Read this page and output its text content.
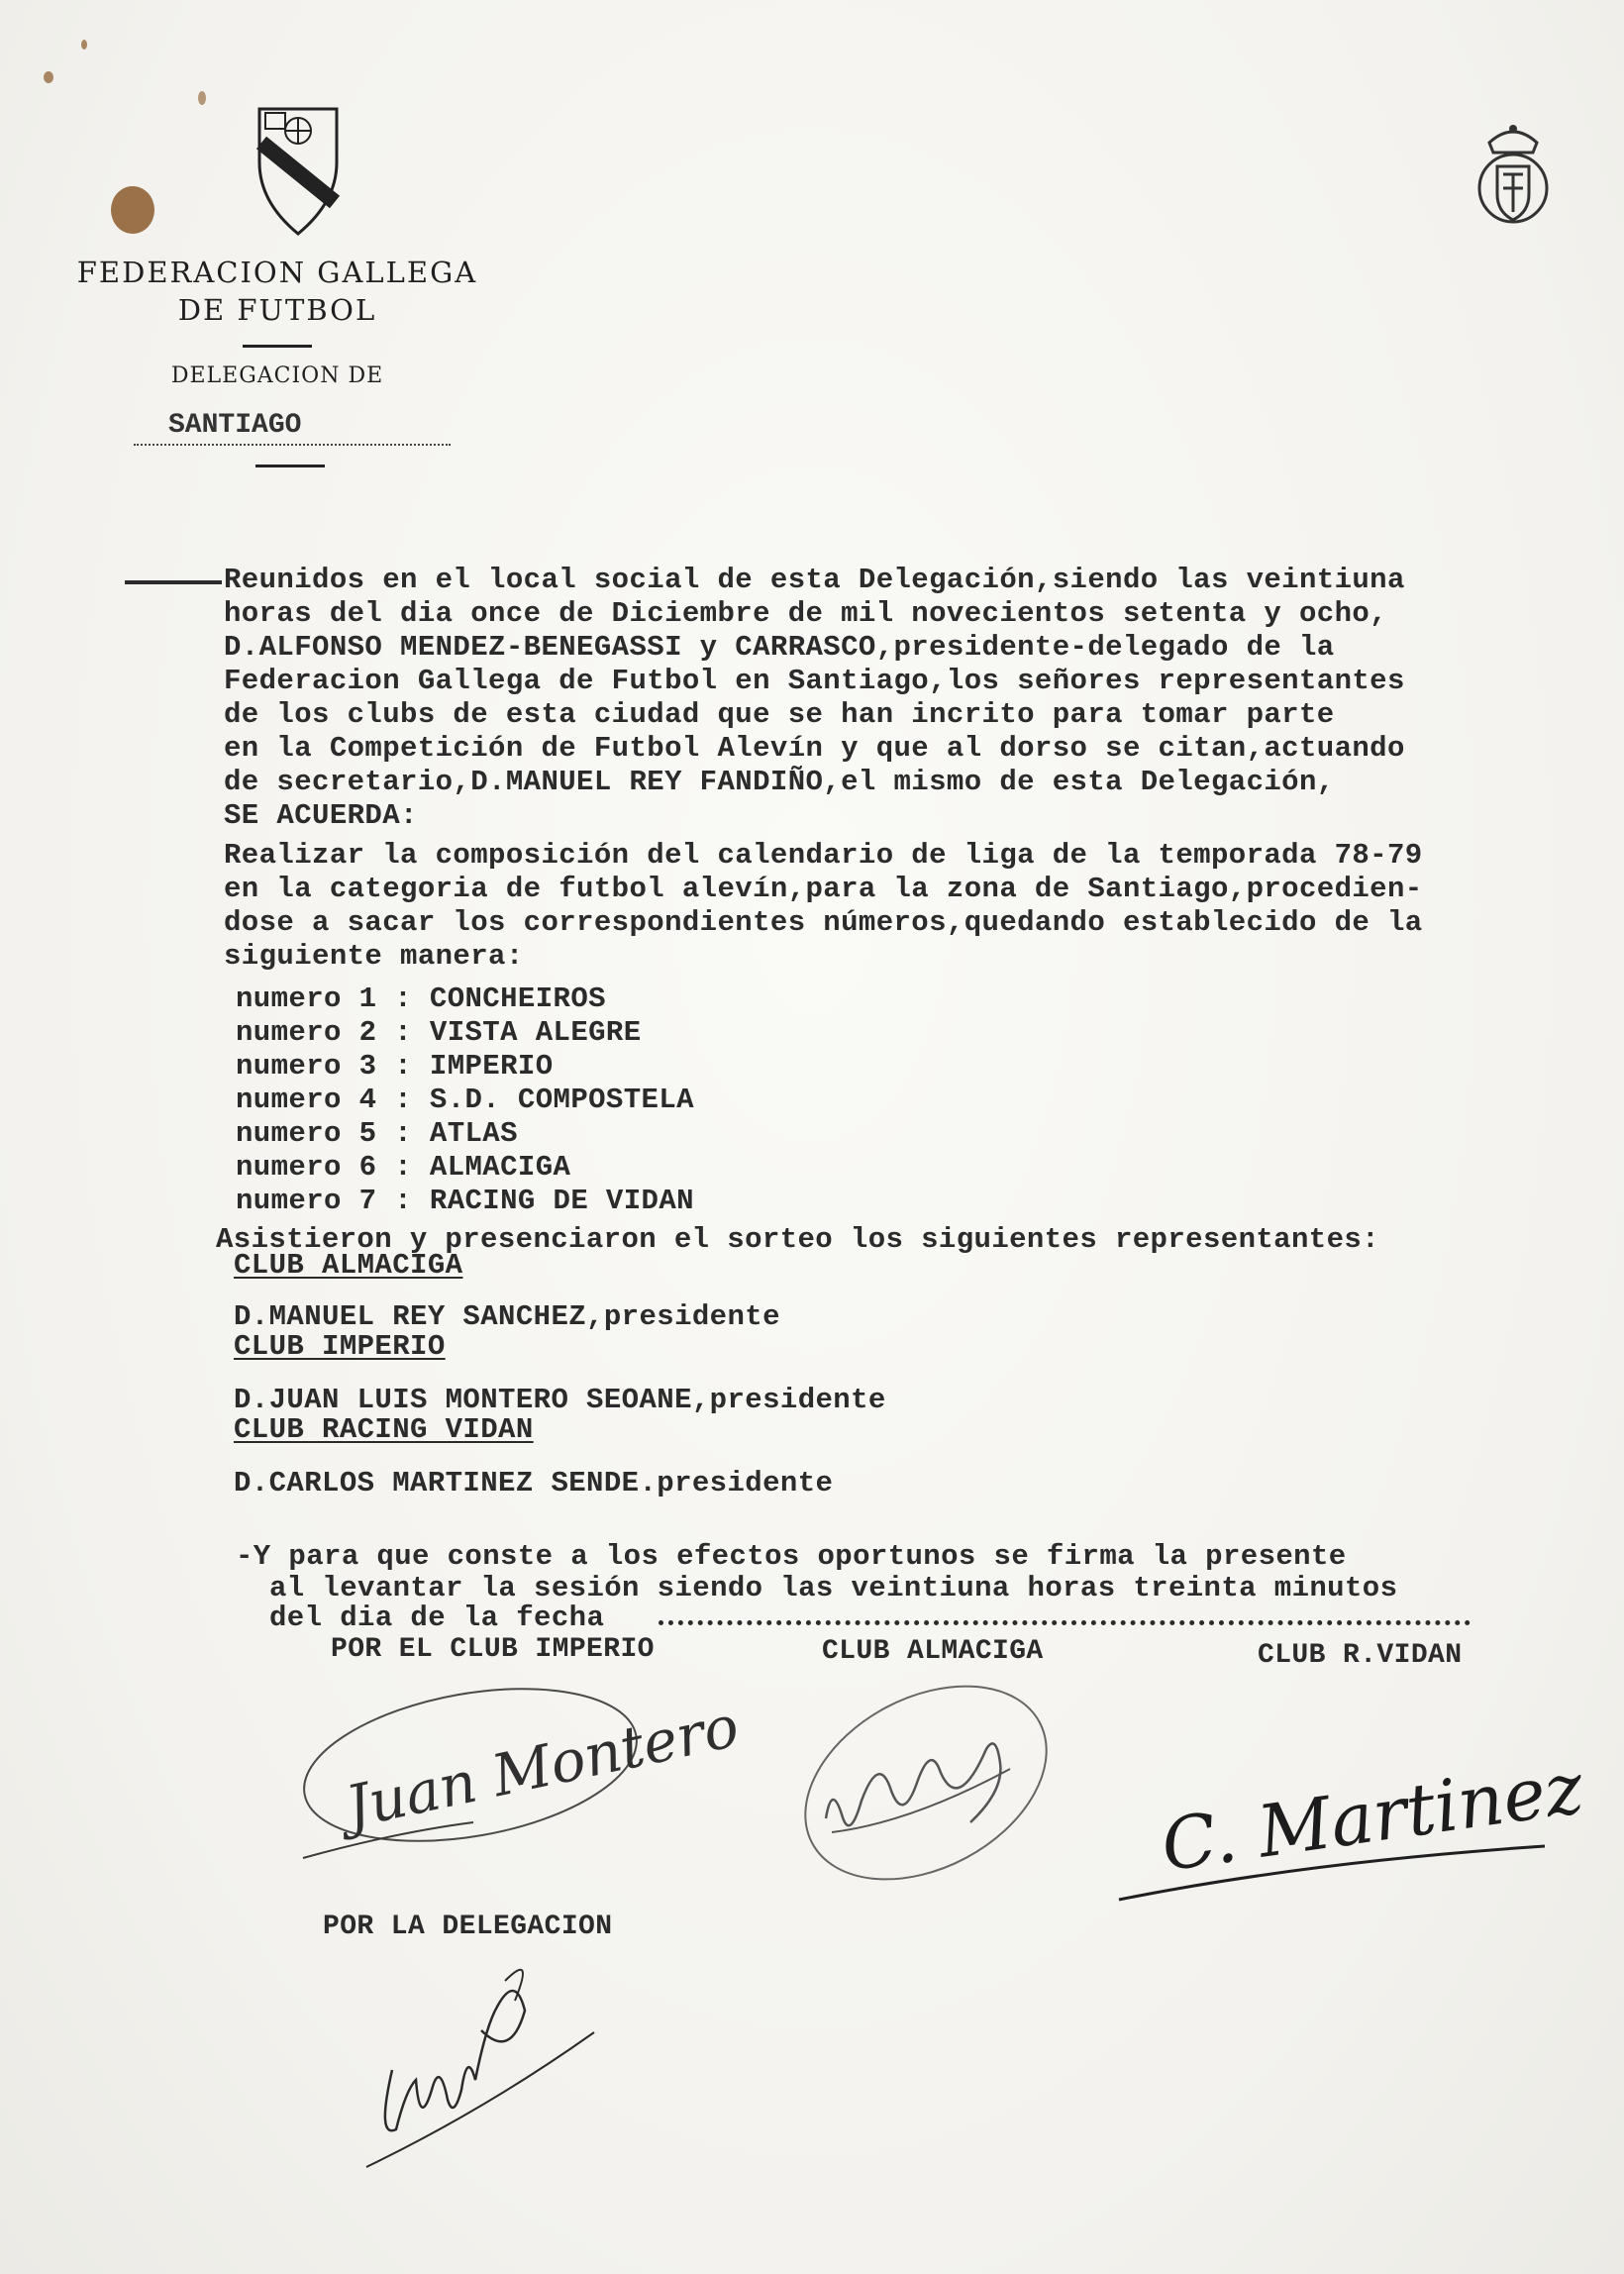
FEDERACION GALLEGA
DE FUTBOL
DELEGACION DE
SANTIAGO
Reunidos en el local social de esta Delegación,siendo las veintiuna
horas del dia once de Diciembre de mil novecientos setenta y ocho,
D.ALFONSO MENDEZ-BENEGASSI y CARRASCO,presidente-delegado de la
Federacion Gallega de Futbol en Santiago,los señores representantes
de los clubs de esta ciudad que se han incrito para tomar parte
en la Competición de Futbol Alevín y que al dorso se citan,actuando
de secretario,D.MANUEL REY FANDIÑO,el mismo de esta Delegación,
SE ACUERDA:
Realizar la composición del calendario de liga de la temporada 78-79
en la categoria de futbol alevín,para la zona de Santiago,procedien-
dose a sacar los correspondientes números,quedando establecido de la
siguiente manera:
numero 1 : CONCHEIROS
numero 2 : VISTA ALEGRE
numero 3 : IMPERIO
numero 4 : S.D. COMPOSTELA
numero 5 : ATLAS
numero 6 : ALMACIGA
numero 7 : RACING DE VIDAN
Asistieron y presenciaron el sorteo los siguientes representantes:
CLUB ALMACIGA
D.MANUEL REY SANCHEZ,presidente
CLUB IMPERIO
D.JUAN LUIS MONTERO SEOANE,presidente
CLUB RACING VIDAN
D.CARLOS MARTINEZ SENDE.presidente
-Y para que conste a los efectos oportunos se firma la presente
al levantar la sesión siendo las veintiuna horas treinta minutos
del dia de la fecha
POR EL CLUB IMPERIO	CLUB ALMACIGA	CLUB R.VIDAN
POR LA DELEGACION
Juan Montero	C. Martinez
